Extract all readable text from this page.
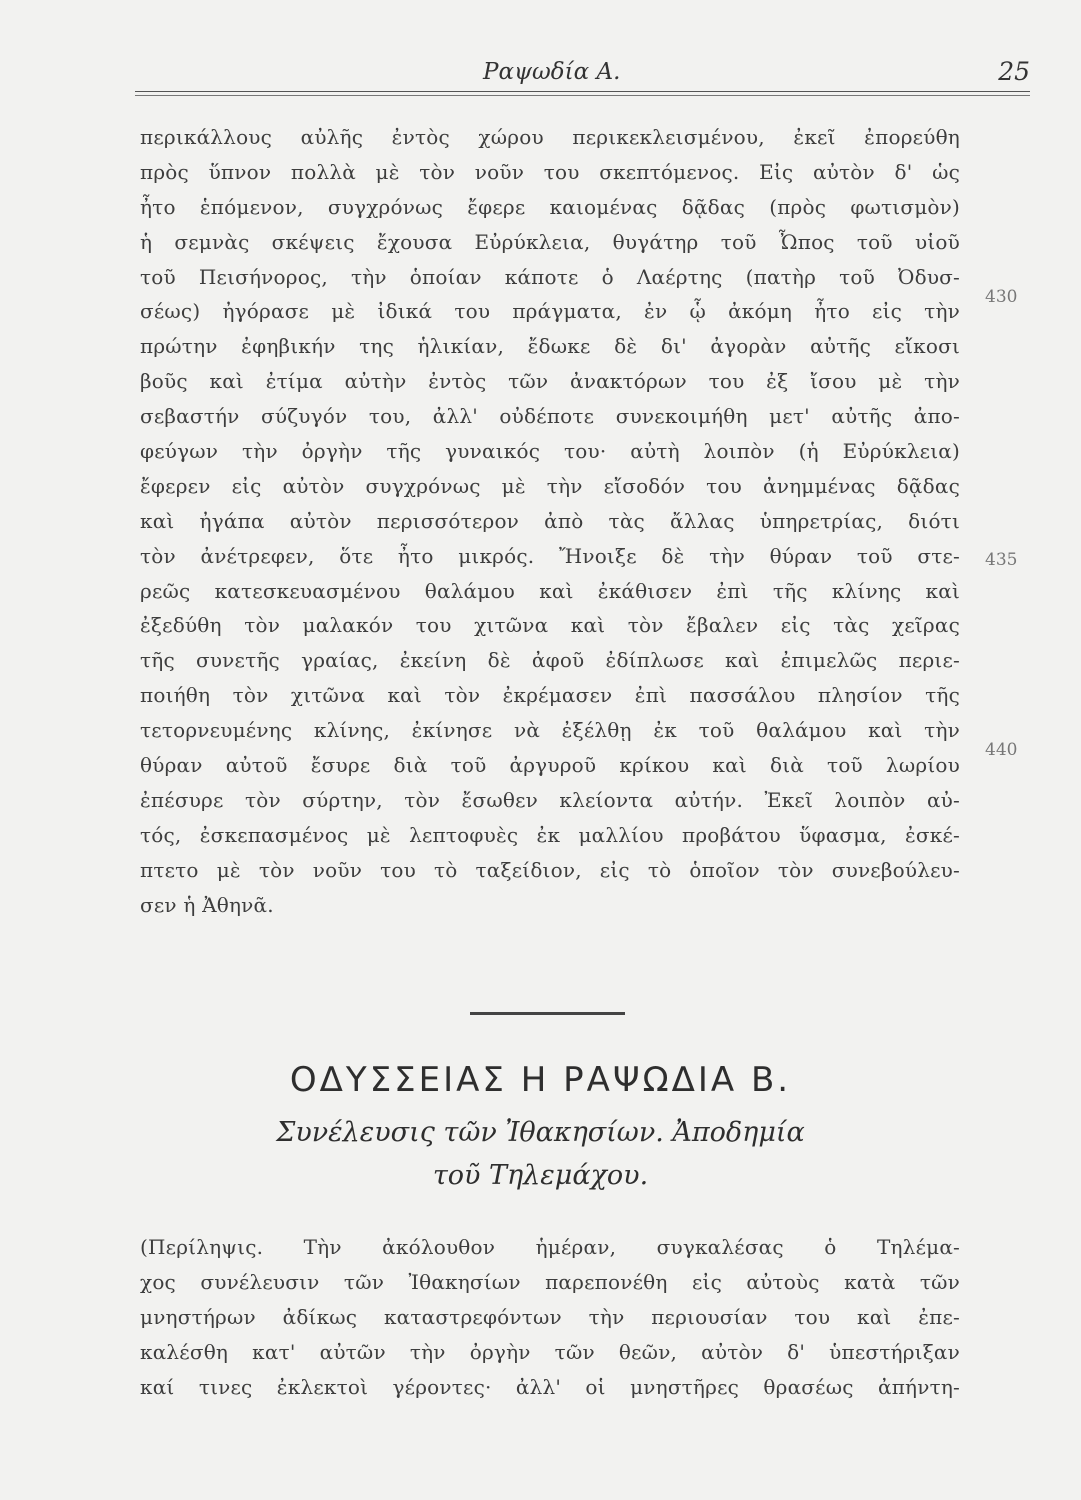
Ραψωδία Α.	25
περικάλλους αὐλῆς ἐντὸς χώρου περικεκλεισμένου, ἐκεῖ ἐπορεύθη
πρὸς ὕπνον πολλὰ μὲ τὸν νοῦν του σκεπτόμενος. Εἰς αὐτὸν δ' ὡς
ἦτο ἑπόμενον, συγχρόνως ἔφερε καιομένας δᾷδας (πρὸς φωτισμὸν)
ἡ σεμνὰς σκέψεις ἔχουσα Εὐρύκλεια, θυγάτηρ τοῦ Ὦπος τοῦ υἱοῦ
τοῦ Πεισήνορος, τὴν ὁποίαν κάποτε ὁ Λαέρτης (πατὴρ τοῦ Ὀδυσ-
σέως) ἠγόρασε μὲ ἰδικά του πράγματα, ἐν ᾧ ἀκόμη ἦτο εἰς τὴν
πρώτην ἐφηβικήν της ἡλικίαν, ἔδωκε δὲ δι' ἀγορὰν αὐτῆς εἴκοσι
βοῦς καὶ ἐτίμα αὐτὴν ἐντὸς τῶν ἀνακτόρων του ἐξ ἴσου μὲ τὴν
σεβαστήν σύζυγόν του, ἀλλ' οὐδέποτε συνεκοιμήθη μετ' αὐτῆς ἀπο-
φεύγων τὴν ὀργὴν τῆς γυναικός του· αὐτὴ λοιπὸν (ἡ Εὐρύκλεια)
ἔφερεν εἰς αὐτὸν συγχρόνως μὲ τὴν εἴσοδόν του ἀνημμένας δᾷδας
καὶ ἠγάπα αὐτὸν περισσότερον ἀπὸ τὰς ἄλλας ὑπηρετρίας, διότι
τὸν ἀνέτρεφεν, ὅτε ἦτο μικρός. Ἤνοιξε δὲ τὴν θύραν τοῦ στε-
ρεῶς κατεσκευασμένου θαλάμου καὶ ἐκάθισεν ἐπὶ τῆς κλίνης καὶ
ἐξεδύθη τὸν μαλακόν του χιτῶνα καὶ τὸν ἔβαλεν εἰς τὰς χεῖρας
τῆς συνετῆς γραίας, ἐκείνη δὲ ἀφοῦ ἐδίπλωσε καὶ ἐπιμελῶς περιε-
ποιήθη τὸν χιτῶνα καὶ τὸν ἐκρέμασεν ἐπὶ πασσάλου πλησίον τῆς
τετορνευμένης κλίνης, ἐκίνησε νὰ ἐξέλθῃ ἐκ τοῦ θαλάμου καὶ τὴν
θύραν αὐτοῦ ἔσυρε διὰ τοῦ ἀργυροῦ κρίκου καὶ διὰ τοῦ λωρίου
ἐπέσυρε τὸν σύρτην, τὸν ἔσωθεν κλείοντα αὐτήν. Ἐκεῖ λοιπὸν αὐ-
τός, ἐσκεπασμένος μὲ λεπτοφυὲς ἐκ μαλλίου προβάτου ὕφασμα, ἐσκέ-
πτετο μὲ τὸν νοῦν του τὸ ταξείδιον, εἰς τὸ ὁποῖον τὸν συνεβούλευ-
σεν ἡ Ἀθηνᾶ.
430
435
440
ΟΔΥΣΣΕΙΑΣ Η ΡΑΨΩΔΙΑ Β.
Συνέλευσις τῶν Ἰθακησίων. Ἀποδημία
τοῦ Τηλεμάχου.
(Περίληψις. Τὴν ἀκόλουθον ἡμέραν, συγκαλέσας ὁ Τηλέμα-
χος συνέλευσιν τῶν Ἰθακησίων παρεπονέθη εἰς αὐτοὺς κατὰ τῶν
μνηστήρων ἀδίκως καταστρεφόντων τὴν περιουσίαν του καὶ ἐπε-
καλέσθη κατ' αὐτῶν τὴν ὀργὴν τῶν θεῶν, αὐτὸν δ' ὑπεστήριξαν
καί τινες ἐκλεκτοὶ γέροντες· ἀλλ' οἱ μνηστῆρες θρασέως ἀπήντη-
